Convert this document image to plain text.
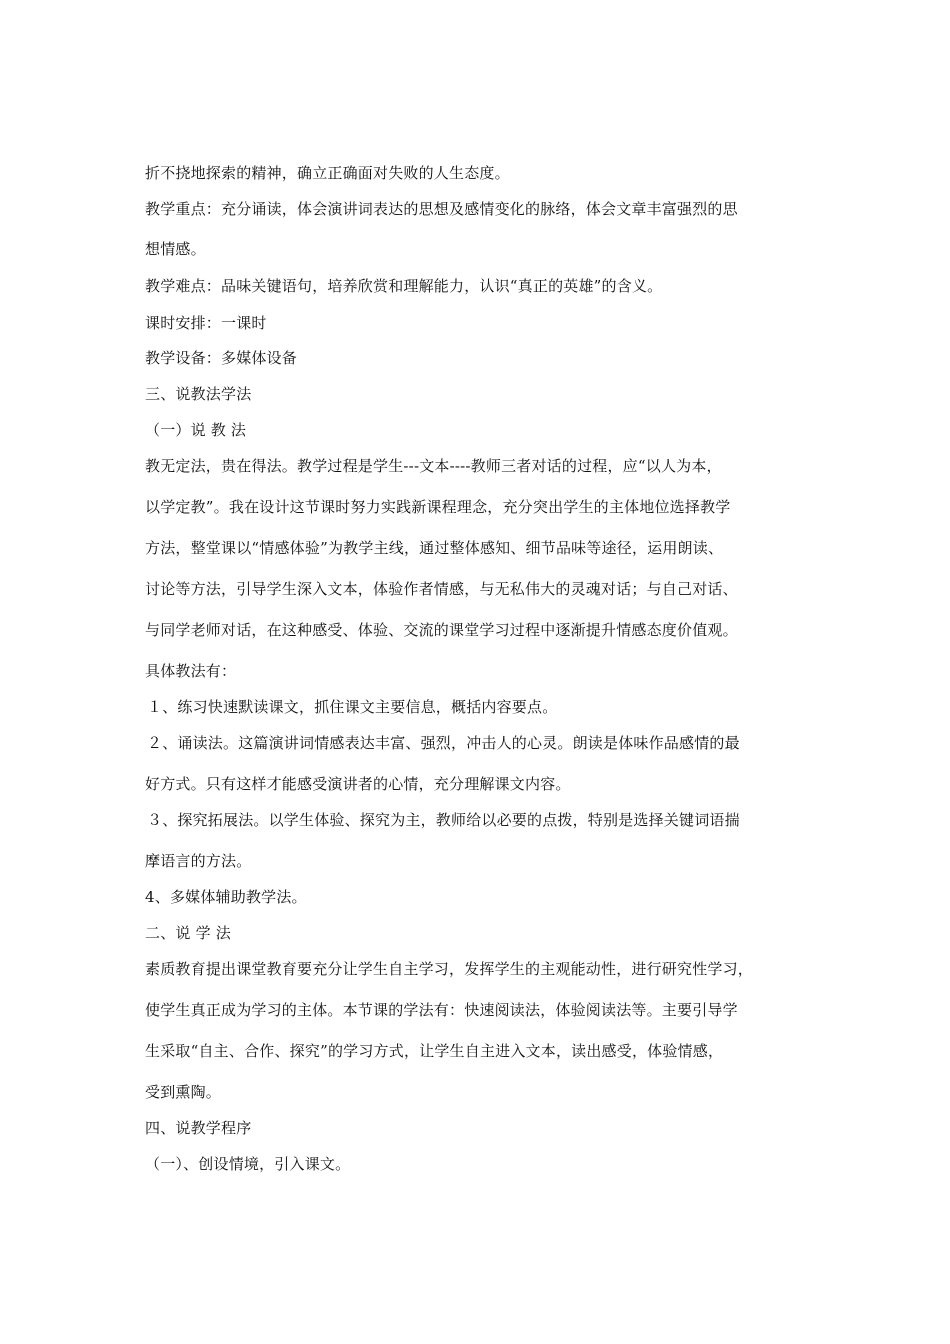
折不挠地探索的精神，确立正确面对失败的人生态度。
教学重点：充分诵读，体会演讲词表达的思想及感情变化的脉络，体会文章丰富强烈的思
想情感。
教学难点：品味关键语句，培养欣赏和理解能力，认识“真正的英雄”的含义。
课时安排：一课时
教学设备：多媒体设备
三、说教法学法
（一）说 教 法
教无定法，贵在得法。教学过程是学生---文本----教师三者对话的过程，应“以人为本，
以学定教”。我在设计这节课时努力实践新课程理念，充分突出学生的主体地位选择教学
方法，整堂课以“情感体验”为教学主线，通过整体感知、细节品味等途径，运用朗读、
讨论等方法，引导学生深入文本，体验作者情感，与无私伟大的灵魂对话；与自己对话、
与同学老师对话，在这种感受、体验、交流的课堂学习过程中逐渐提升情感态度价值观。
具体教法有：
１、练习快速默读课文，抓住课文主要信息，概括内容要点。
２、诵读法。这篇演讲词情感表达丰富、强烈，冲击人的心灵。朗读是体味作品感情的最
好方式。只有这样才能感受演讲者的心情，充分理解课文内容。
３、探究拓展法。以学生体验、探究为主，教师给以必要的点拨，特别是选择关键词语揣
摩语言的方法。
4、多媒体辅助教学法。
二、说 学 法
素质教育提出课堂教育要充分让学生自主学习，发挥学生的主观能动性，进行研究性学习，
使学生真正成为学习的主体。本节课的学法有：快速阅读法，体验阅读法等。主要引导学
生采取“自主、合作、探究”的学习方式，让学生自主进入文本，读出感受，体验情感，
受到熏陶。
四、说教学程序
（一）、创设情境，引入课文。
